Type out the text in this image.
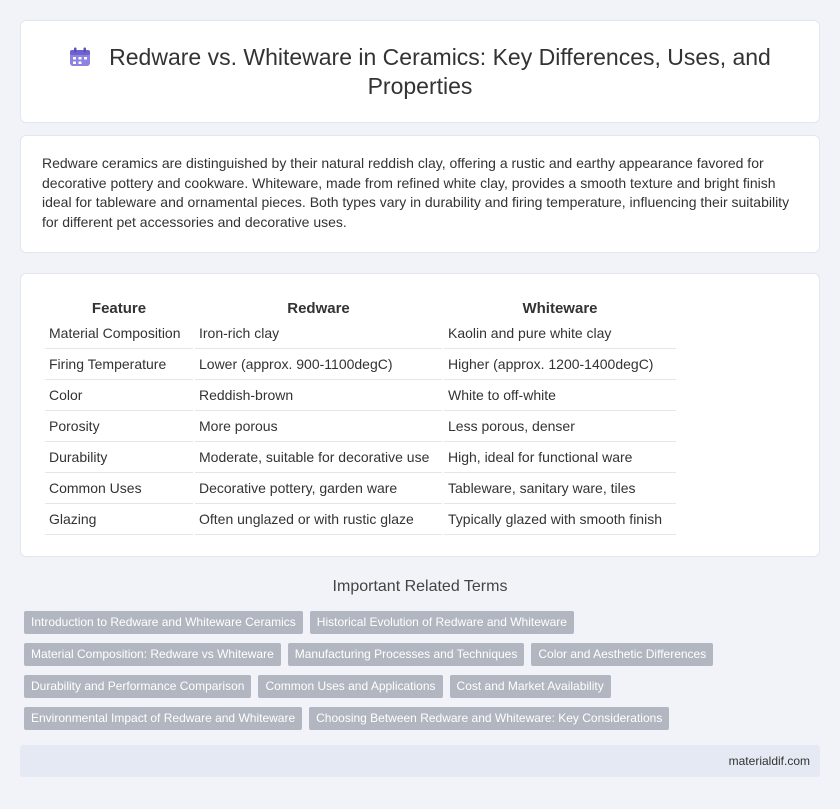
Redware vs. Whiteware in Ceramics: Key Differences, Uses, and Properties

Redware ceramics are distinguished by their natural reddish clay, offering a rustic and earthy appearance favored for decorative pottery and cookware. Whiteware, made from refined white clay, provides a smooth texture and bright finish ideal for tableware and ornamental pieces. Both types vary in durability and firing temperature, influencing their suitability for different pet accessories and decorative uses.

Feature	Redware	Whiteware
Material Composition	Iron-rich clay	Kaolin and pure white clay
Firing Temperature	Lower (approx. 900-1100degC)	Higher (approx. 1200-1400degC)
Color	Reddish-brown	White to off-white
Porosity	More porous	Less porous, denser
Durability	Moderate, suitable for decorative use	High, ideal for functional ware
Common Uses	Decorative pottery, garden ware	Tableware, sanitary ware, tiles
Glazing	Often unglazed or with rustic glaze	Typically glazed with smooth finish
Important Related Terms
Introduction to Redware and Whiteware Ceramics	Historical Evolution of Redware and Whiteware
Material Composition: Redware vs Whiteware	Manufacturing Processes and Techniques	Color and Aesthetic Differences
Durability and Performance Comparison	Common Uses and Applications	Cost and Market Availability
Environmental Impact of Redware and Whiteware	Choosing Between Redware and Whiteware: Key Considerations
materialdif.com
